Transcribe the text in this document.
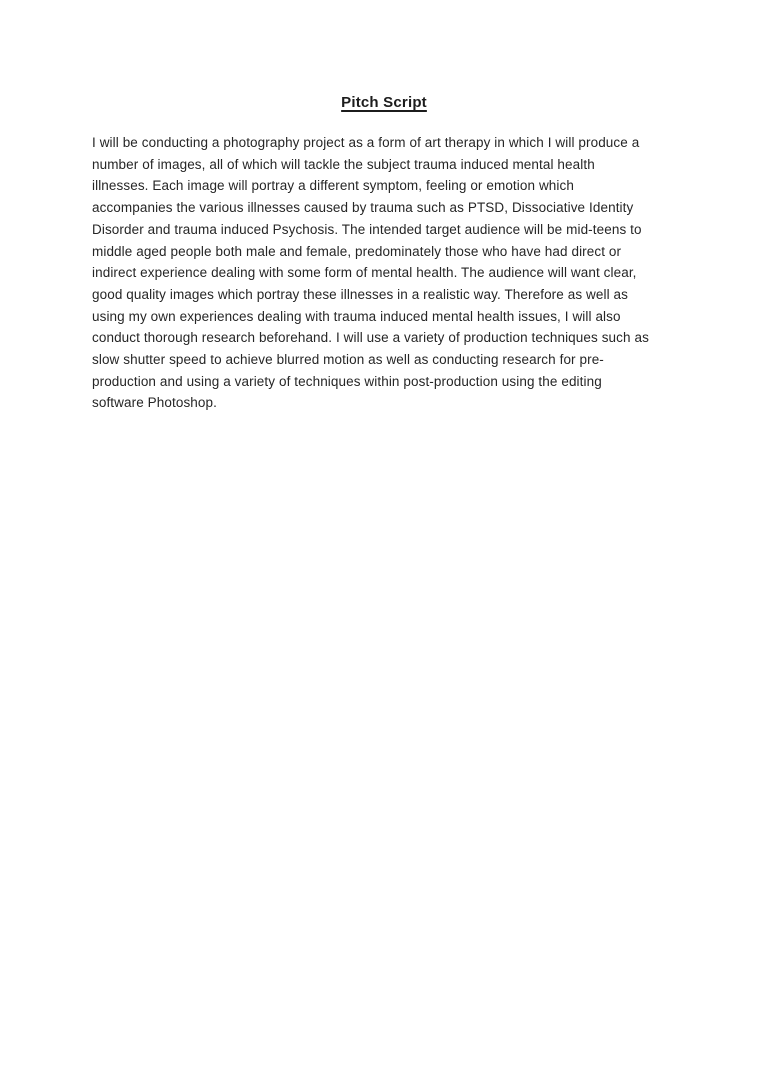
Pitch Script
I will be conducting a photography project as a form of art therapy in which I will produce a
number of images, all of which will tackle the subject trauma induced mental health
illnesses. Each image will portray a different symptom, feeling or emotion which
accompanies the various illnesses caused by trauma such as PTSD, Dissociative Identity
Disorder and trauma induced Psychosis. The intended target audience will be mid-teens to
middle aged people both male and female, predominately those who have had direct or
indirect experience dealing with some form of mental health. The audience will want clear,
good quality images which portray these illnesses in a realistic way. Therefore as well as
using my own experiences dealing with trauma induced mental health issues, I will also
conduct thorough research beforehand. I will use a variety of production techniques such as
slow shutter speed to achieve blurred motion as well as conducting research for pre-
production and using a variety of techniques within post-production using the editing
software Photoshop.
